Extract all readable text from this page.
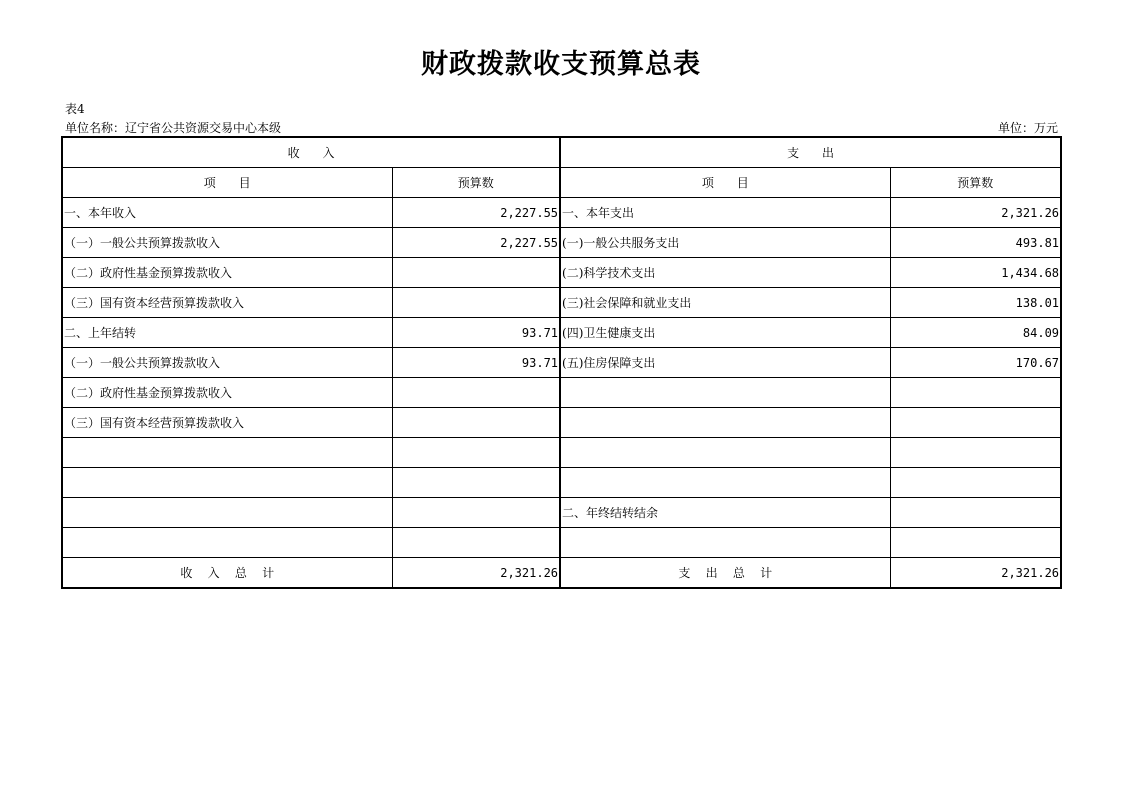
财政拨款收支预算总表
表4
单位名称：辽宁省公共资源交易中心本级	单位：万元
收      入		支      出	
项      目	预算数	项      目	预算数
一、本年收入	2,227.55	一、本年支出	2,321.26
（一）一般公共预算拨款收入	2,227.55	(一)一般公共服务支出	493.81
（二）政府性基金预算拨款收入		(二)科学技术支出	1,434.68
（三）国有资本经营预算拨款收入		(三)社会保障和就业支出	138.01
二、上年结转	93.71	(四)卫生健康支出	84.09
（一）一般公共预算拨款收入	93.71	(五)住房保障支出	170.67
（二）政府性基金预算拨款收入			
（三）国有资本经营预算拨款收入			

		二、年终结转结余	

收    入    总    计	2,321.26	支    出    总    计	2,321.26
